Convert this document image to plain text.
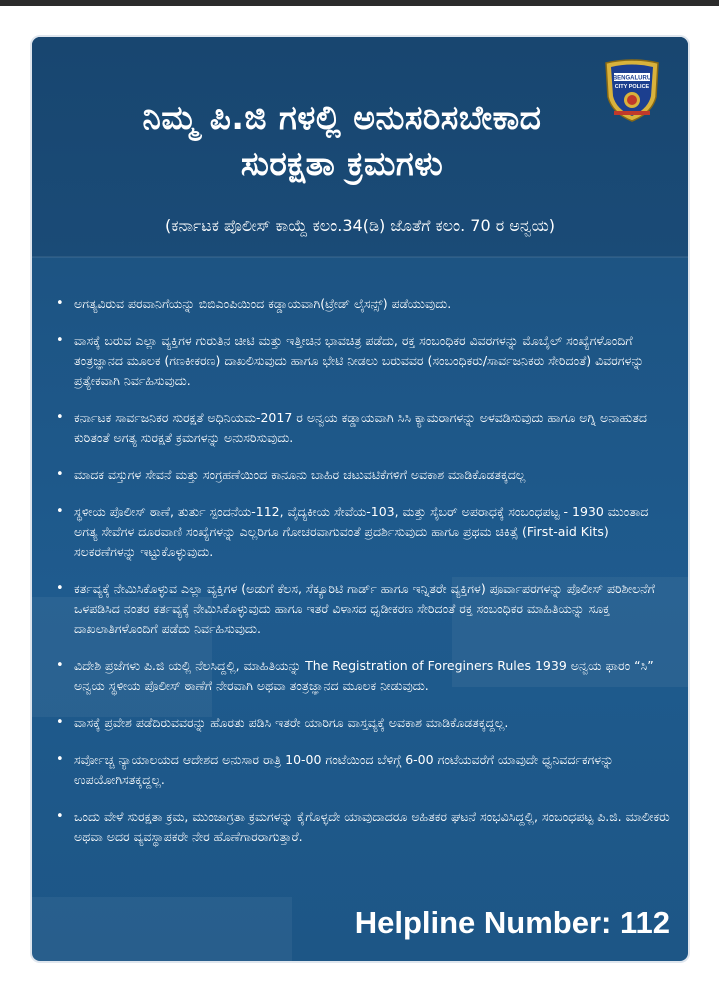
BENGALURU
CITY POLICE
ನಿಮ್ಮ ಪಿ.ಜಿ ಗಳಲ್ಲಿ ಅನುಸರಿಸಬೇಕಾದ
ಸುರಕ್ಷತಾ ಕ್ರಮಗಳು
(ಕರ್ನಾಟಕ ಪೊಲೀಸ್ ಕಾಯ್ದೆ ಕಲಂ.34(ಡಿ) ಜೊತೆಗೆ ಕಲಂ. 70 ರ ಅನ್ವಯ)
• ಅಗತ್ಯವಿರುವ ಪರವಾನಿಗೆಯನ್ನು ಬಿಬಿಎಂಪಿಯಿಂದ ಕಡ್ಡಾಯವಾಗಿ(ಟ್ರೇಡ್ ಲೈಸನ್ಸ್) ಪಡೆಯುವುದು.
• ವಾಸಕ್ಕೆ ಬರುವ ಎಲ್ಲಾ ವ್ಯಕ್ತಿಗಳ ಗುರುತಿನ ಚೀಟಿ ಮತ್ತು ಇತ್ತೀಚಿನ ಭಾವಚಿತ್ರ ಪಡೆದು, ರಕ್ತ ಸಂಬಂಧಿಕರ ವಿವರಗಳನ್ನು ಮೊಬೈಲ್ ಸಂಖ್ಯೆಗಳೊಂದಿಗೆ ತಂತ್ರಜ್ಞಾನದ ಮೂಲಕ (ಗಣಕೀಕರಣ) ದಾಖಲಿಸುವುದು ಹಾಗೂ ಭೇಟಿ ನೀಡಲು ಬರುವವರ (ಸಂಬಂಧಿಕರು/ಸಾರ್ವಜನಿಕರು ಸೇರಿದಂತೆ) ವಿವರಗಳನ್ನು ಪ್ರತ್ಯೇಕವಾಗಿ ನಿರ್ವಹಿಸುವುದು.
• ಕರ್ನಾಟಕ ಸಾರ್ವಜನಿಕರ ಸುರಕ್ಷತೆ ಅಧಿನಿಯಮ-2017 ರ ಅನ್ವಯ ಕಡ್ಡಾಯವಾಗಿ ಸಿಸಿ ಕ್ಯಾಮರಾಗಳನ್ನು ಅಳವಡಿಸುವುದು ಹಾಗೂ ಅಗ್ನಿ ಅನಾಹುತದ ಕುರಿತಂತೆ ಅಗತ್ಯ ಸುರಕ್ಷತೆ ಕ್ರಮಗಳನ್ನು ಅನುಸರಿಸುವುದು.
• ಮಾದಕ ವಸ್ತುಗಳ ಸೇವನೆ ಮತ್ತು ಸಂಗ್ರಹಣೆಯಿಂದ ಕಾನೂನು ಬಾಹಿರ ಚಟುವಟಿಕೆಗಳಿಗೆ ಅವಕಾಶ ಮಾಡಿಕೊಡತಕ್ಕದಲ್ಲ
• ಸ್ಥಳೀಯ ಪೊಲೀಸ್ ಠಾಣೆ, ತುರ್ತು ಸ್ಪಂದನೆಯ-112, ವೈದ್ಯಕೀಯ ಸೇವೆಯ-103, ಮತ್ತು ಸೈಬರ್ ಅಪರಾಧಕ್ಕೆ ಸಂಬಂಧಪಟ್ಟ - 1930 ಮುಂತಾದ ಅಗತ್ಯ ಸೇವೆಗಳ ದೂರವಾಣಿ ಸಂಖ್ಯೆಗಳನ್ನು ಎಲ್ಲರಿಗೂ ಗೋಚರವಾಗುವಂತೆ ಪ್ರದರ್ಶಿಸುವುದು ಹಾಗೂ ಪ್ರಥಮ ಚಿಕಿತ್ಸೆ (First-aid Kits) ಸಲಕರಣೆಗಳನ್ನು ಇಟ್ಟುಕೊಳ್ಳುವುದು.
• ಕರ್ತವ್ಯಕ್ಕೆ ನೇಮಿಸಿಕೊಳ್ಳುವ ಎಲ್ಲಾ ವ್ಯಕ್ತಿಗಳ (ಅಡುಗೆ ಕೆಲಸ, ಸೆಕ್ಯೂರಿಟಿ ಗಾರ್ಡ್ ಹಾಗೂ ಇನ್ನಿತರೇ ವ್ಯಕ್ತಿಗಳ) ಪೂರ್ವಾಪರಗಳನ್ನು ಪೊಲೀಸ್ ಪರಿಶೀಲನೆಗೆ ಒಳಪಡಿಸಿದ ನಂತರ ಕರ್ತವ್ಯಕ್ಕೆ ನೇಮಿಸಿಕೊಳ್ಳುವುದು ಹಾಗೂ ಇತರೆ ವಿಳಾಸದ ಧೃಡೀಕರಣ ಸೇರಿದಂತೆ ರಕ್ತ ಸಂಬಂಧಿಕರ ಮಾಹಿತಿಯನ್ನು ಸೂಕ್ತ ದಾಖಲಾತಿಗಳೊಂದಿಗೆ ಪಡೆದು ನಿರ್ವಹಿಸುವುದು.
• ವಿದೇಶಿ ಪ್ರಜೆಗಳು ಪಿ.ಜಿ ಯಲ್ಲಿ ನೆಲಸಿದ್ದಲ್ಲಿ, ಮಾಹಿತಿಯನ್ನು The Registration of Foreginers Rules 1939 ಅನ್ವಯ ಫಾರಂ “ಸಿ” ಅನ್ವಯ ಸ್ಥಳೀಯ ಪೊಲೀಸ್ ಠಾಣೆಗೆ ನೇರವಾಗಿ ಅಥವಾ ತಂತ್ರಜ್ಞಾನದ ಮೂಲಕ ನೀಡುವುದು.
• ವಾಸಕ್ಕೆ ಪ್ರವೇಶ ಪಡೆದಿರುವವರನ್ನು ಹೊರತು ಪಡಿಸಿ ಇತರೇ ಯಾರಿಗೂ ವಾಸ್ತವ್ಯಕ್ಕೆ ಅವಕಾಶ ಮಾಡಿಕೊಡತಕ್ಕದ್ದಲ್ಲ.
• ಸರ್ವೋಚ್ಚ ನ್ಯಾಯಾಲಯದ ಆದೇಶದ ಅನುಸಾರ ರಾತ್ರಿ 10-00 ಗಂಟೆಯಿಂದ ಬೆಳಿಗ್ಗೆ 6-00 ಗಂಟೆಯವರೆಗೆ ಯಾವುದೇ ಧ್ವನಿವರ್ದಕಗಳನ್ನು ಉಪಯೋಗಿಸತಕ್ಕದ್ದಲ್ಲ.
• ಒಂದು ವೇಳೆ ಸುರಕ್ಷತಾ ಕ್ರಮ, ಮುಂಜಾಗ್ರತಾ ಕ್ರಮಗಳನ್ನು ಕೈಗೊಳ್ಳದೇ ಯಾವುದಾದರೂ ಅಹಿತಕರ ಘಟನೆ ಸಂಭವಿಸಿದ್ದಲ್ಲಿ, ಸಂಬಂಧಪಟ್ಟ ಪಿ.ಜಿ. ಮಾಲೀಕರು ಅಥವಾ ಅದರ ವ್ಯವಸ್ಥಾಪಕರೇ ನೇರ ಹೊಣೆಗಾರರಾಗುತ್ತಾರೆ.
Helpline Number: 112
